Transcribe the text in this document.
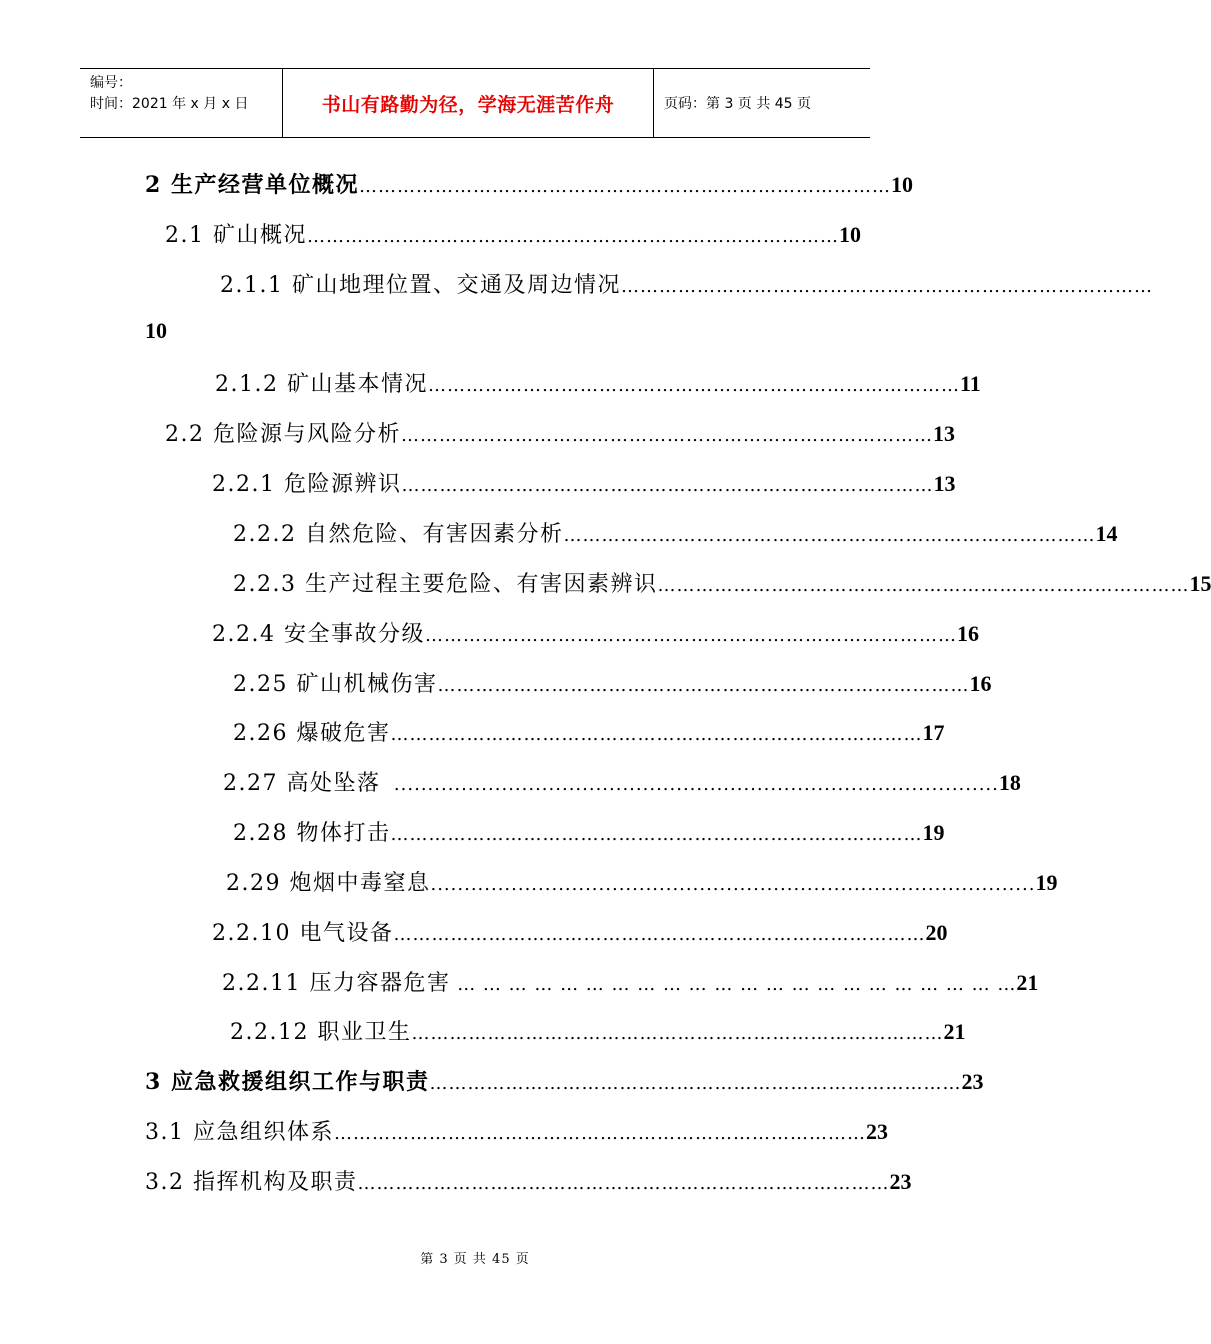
编号：
时间：2021 年 x 月 x 日	书山有路勤为径，学海无涯苦作舟	页码：第 3 页 共 45 页
2 生产经营单位概况 ………………………………………………………………………… 10
2.1 矿山概况 ………………………………………………………………………… 10
2.1.1 矿山地理位置、交通及周边情况 …………………………………………………………………………
10
2.1.2 矿山基本情况 ………………………………………………………………………… 11
2.2 危险源与风险分析 ………………………………………………………………………… 13
2.2.1 危险源辨识 ………………………………………………………………………… 13
2.2.2 自然危险、有害因素分析 ………………………………………………………………………… 14
2.2.3 生产过程主要危险、有害因素辨识 ………………………………………………………………………… 15
2.2.4 安全事故分级 ………………………………………………………………………… 16
2.25 矿山机械伤害 ………………………………………………………………………… 16
2.26 爆破危害 ………………………………………………………………………… 17
2.27 高处坠落 .......................................................................................... 18
2.28 物体打击 ………………………………………………………………………… 19
2.29 炮烟中毒窒息 .......................................................................................... 19
2.2.10 电气设备 ………………………………………………………………………… 20
2.2.11 压力容器危害 … … … … … … … … … … … … … … … … … … … … … … 21
2.2.12 职业卫生 ………………………………………………………………………… 21
3 应急救援组织工作与职责 ………………………………………………………………………… 23
3.1 应急组织体系 ………………………………………………………………………… 23
3.2 指挥机构及职责 ………………………………………………………………………… 23
第 3 页 共 45 页
